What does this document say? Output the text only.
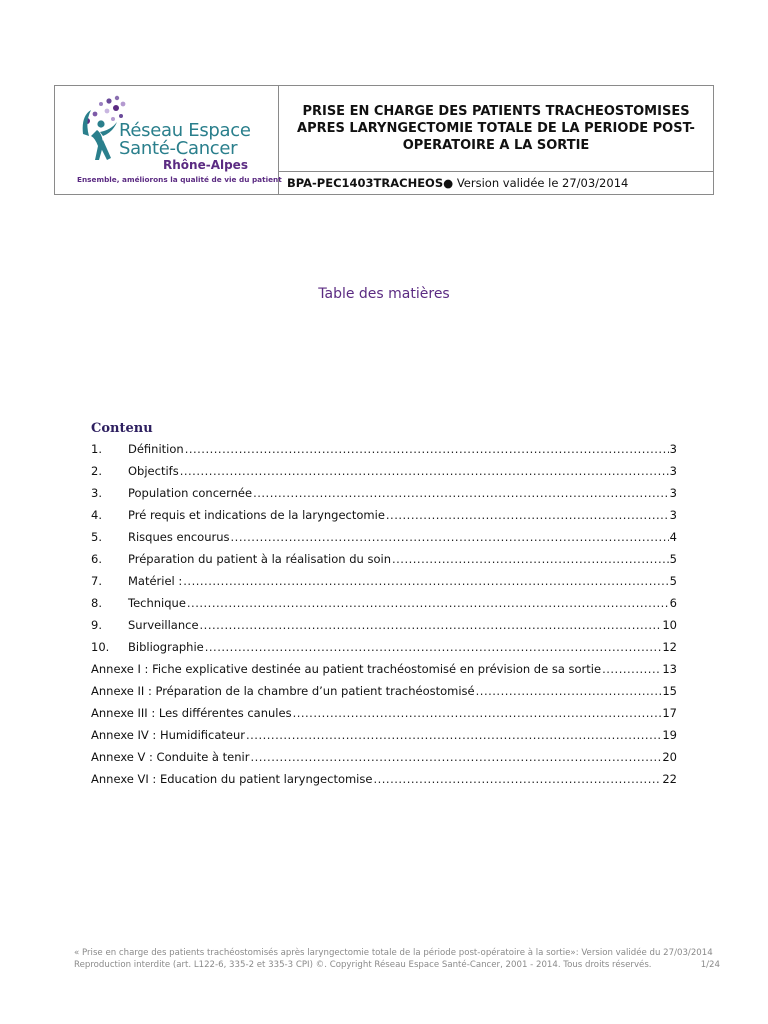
Réseau Espace
Santé-Cancer
Rhône-Alpes
Ensemble, améliorons la qualité de vie du patient
PRISE EN CHARGE DES PATIENTS TRACHEOSTOMISES APRES LARYNGECTOMIE TOTALE DE LA PERIODE POST-OPERATOIRE A LA SORTIE
BPA-PEC1403TRACHEOS● Version validée le 27/03/2014
Table des matières
Contenu
1.	Définition .....	3
2.	Objectifs .....	3
3.	Population concernée .....	3
4.	Pré requis et indications de la laryngectomie .....	3
5.	Risques encourus .....	4
6.	Préparation du patient à la réalisation du soin .....	5
7.	Matériel : .....	5
8.	Technique .....	6
9.	Surveillance .....	10
10.	Bibliographie .....	12
Annexe I : Fiche explicative destinée au patient trachéostomisé en prévision de sa sortie .....	13
Annexe II : Préparation de la chambre d’un patient trachéostomisé .....	15
Annexe III : Les différentes canules .....	17
Annexe IV : Humidificateur .....	19
Annexe V : Conduite à tenir .....	20
Annexe VI : Education du patient laryngectomise .....	22
« Prise en charge des patients trachéostomisés après laryngectomie totale de la période post-opératoire à la sortie»: Version validée du 27/03/2014
Reproduction interdite (art. L122-6, 335-2 et 335-3 CPI) ©. Copyright Réseau Espace Santé-Cancer, 2001 - 2014. Tous droits réservés.	1/24
